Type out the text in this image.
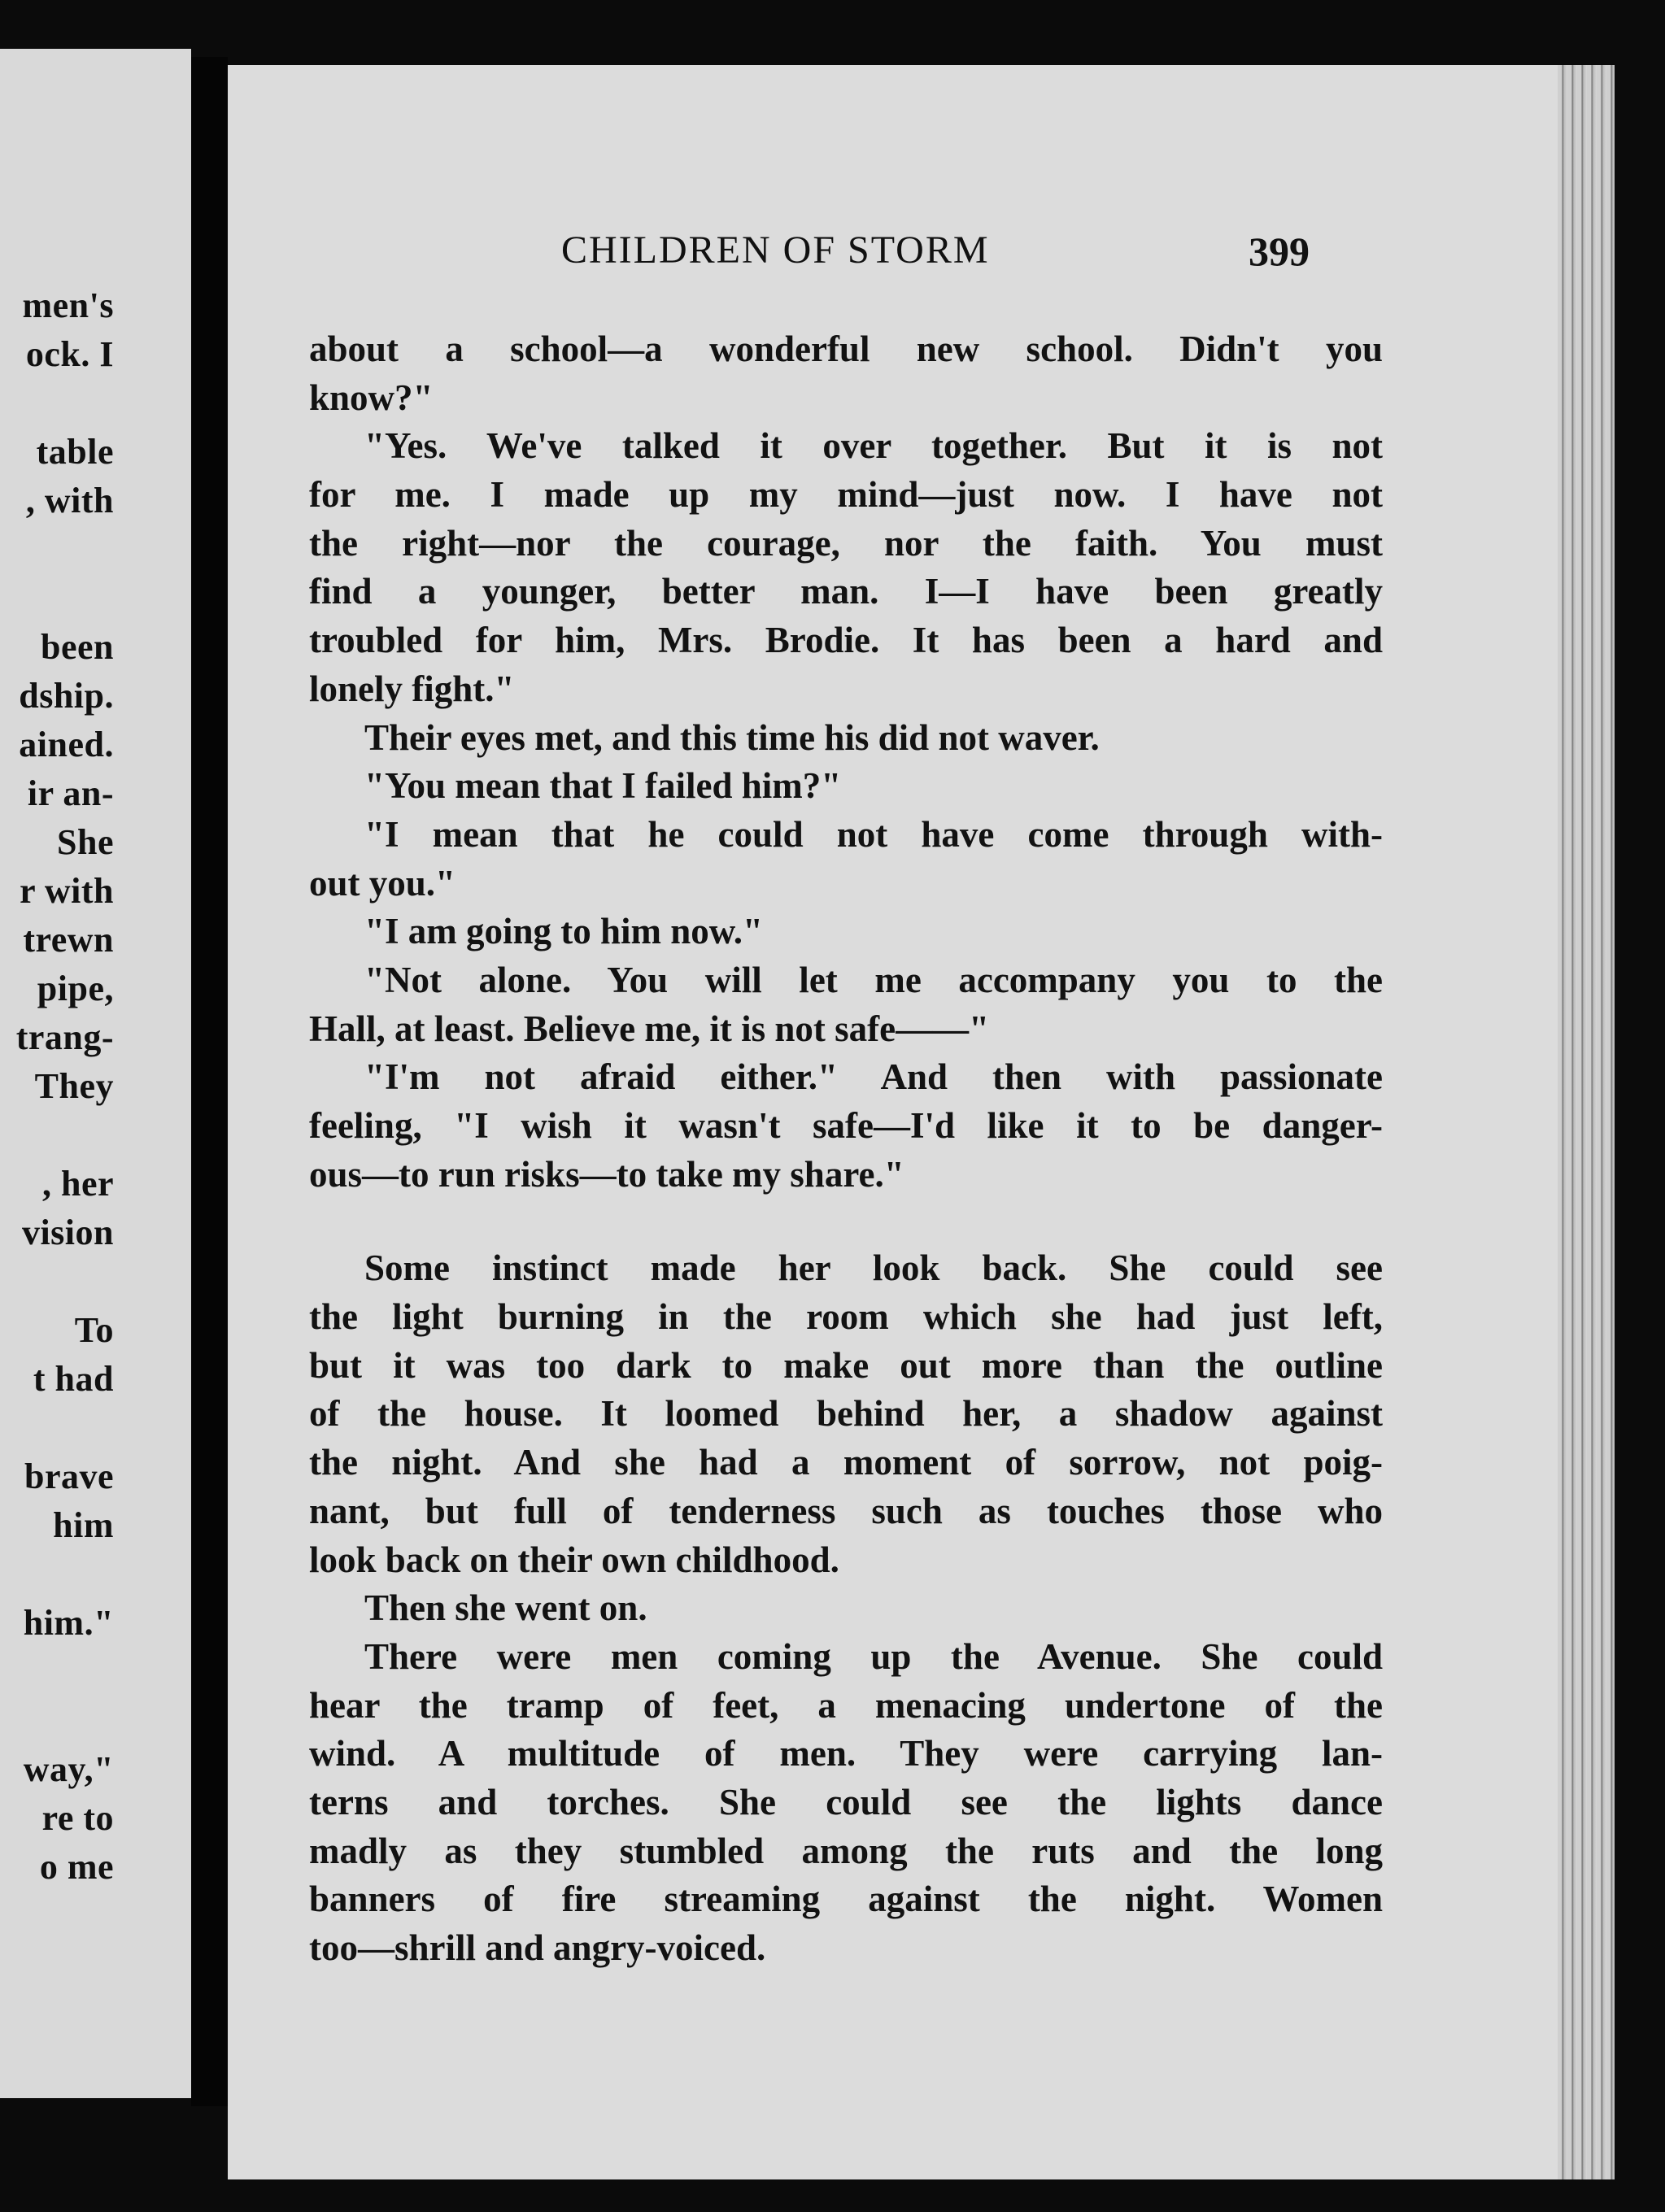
men's
ock. I
table
, with
been
dship.
ained.
ir an-
She
r with
trewn
pipe,
trang-
They
, her
vision
To
t had
brave
him
him."
way,"
re to
o me
CHILDREN OF STORM	399
about a school—a wonderful new school. Didn't you
know?"
"Yes. We've talked it over together. But it is not
for me. I made up my mind—just now. I have not
the right—nor the courage, nor the faith. You must
find a younger, better man. I—I have been greatly
troubled for him, Mrs. Brodie. It has been a hard and
lonely fight."
Their eyes met, and this time his did not waver.
"You mean that I failed him?"
"I mean that he could not have come through with-
out you."
"I am going to him now."
"Not alone. You will let me accompany you to the
Hall, at least. Believe me, it is not safe——"
"I'm not afraid either." And then with passionate
feeling, "I wish it wasn't safe—I'd like it to be danger-
ous—to run risks—to take my share."
Some instinct made her look back. She could see
the light burning in the room which she had just left,
but it was too dark to make out more than the outline
of the house. It loomed behind her, a shadow against
the night. And she had a moment of sorrow, not poig-
nant, but full of tenderness such as touches those who
look back on their own childhood.
Then she went on.
There were men coming up the Avenue. She could
hear the tramp of feet, a menacing undertone of the
wind. A multitude of men. They were carrying lan-
terns and torches. She could see the lights dance
madly as they stumbled among the ruts and the long
banners of fire streaming against the night. Women
too—shrill and angry-voiced.
